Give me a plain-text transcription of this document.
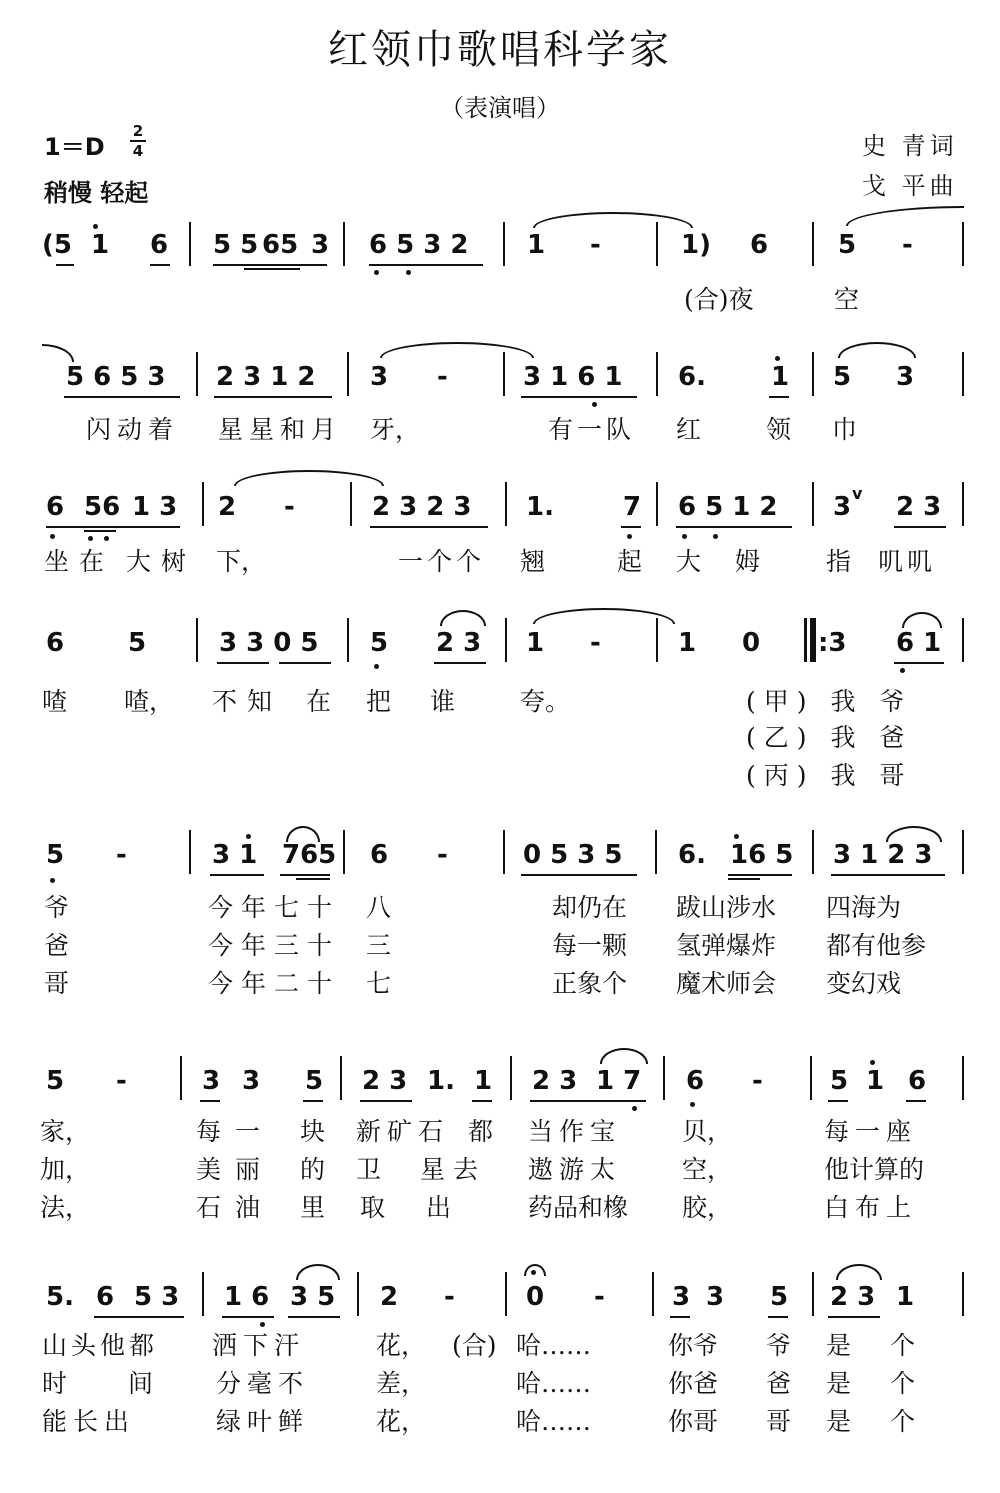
红领巾歌唱科学家
（表演唱）
1＝D
2
4
稍慢 轻起
史 青词
戈 平曲
(5 1 6 5 5 65 3 6 5 3 2 1 -	1) 6	5 -
(合)夜	空
5 6 5 3 2 3 1 2 3 -	3 1 6 1 6.	1 5 3
闪动着 星星和月 牙，	有一队 红	领 巾
6 56 1 3 2 -	2 3 2 3 1.	7 6 5 1 2 3 v 2 3
坐在 大树 下，	一个个 翘	起 大 姆	指 叽叽
6 5	3 3 0 5 5 2 3 1 -	1 0 :3 6 1
喳 喳， 不知 在 把 谁	夸。	(甲) 我 爷
(乙) 我 爸
(丙) 我 哥
5 -	3 1 765 6 -	0 5 3 5 6. 16 5 3 1 2 3
爷	今年七十 八	却仍在 跋山涉水 四海为
爸	今年三十 三	每一颗 氢弹爆炸 都有他参
哥	今年二十 七	正象个 魔术师会 变幻戏
5 -	3 3 5 2 3 1. 1 2 3 1 7 6 -	5 1 6
家，	每一 块 新矿石 都 当作宝 贝，	每一座
加，	美丽 的 卫 星去 遨游太 空，	他计算的
法，	石油 里 取 出	药品和橡 胶，	白布上
5. 6 5 3 1 6 3 5 2 -	0 -	3 3 5 2 3 1
山头他都 洒下汗	花， (合) 哈……	你爷 爷 是 个
时 间	分毫不	差，	哈……	你爸 爸 是 个
能长出	绿叶鲜	花，	哈……	你哥 哥 是 个
